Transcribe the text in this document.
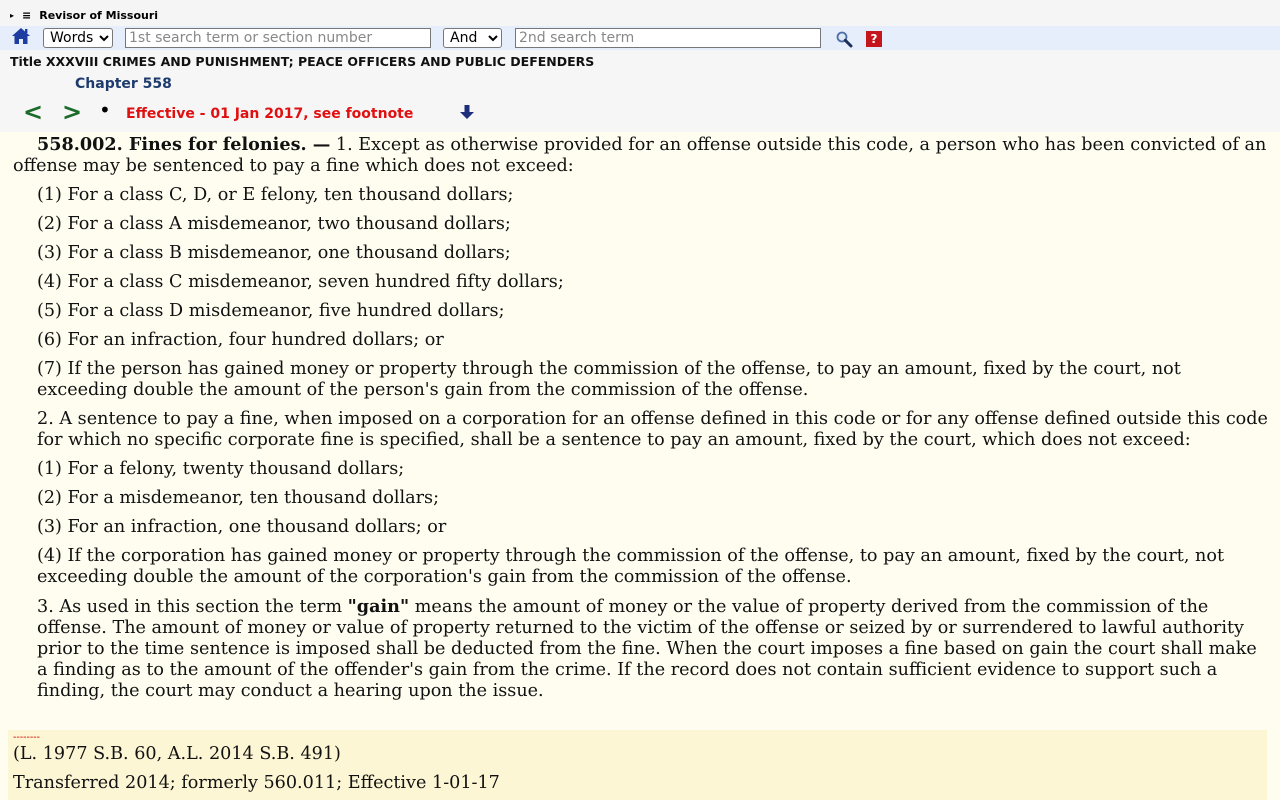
▸ ≡ Revisor of Missouri
Words
1st search term or section number
And
2nd search term
?
Title XXXVIII CRIMES AND PUNISHMENT; PEACE OFFICERS AND PUBLIC DEFENDERS
Chapter 558
< > • Effective - 01 Jan 2017, see footnote

558.002. Fines for felonies. — 1. Except as otherwise provided for an offense outside this code, a person who has been convicted of an offense may be sentenced to pay a fine which does not exceed:

(1) For a class C, D, or E felony, ten thousand dollars;

(2) For a class A misdemeanor, two thousand dollars;

(3) For a class B misdemeanor, one thousand dollars;

(4) For a class C misdemeanor, seven hundred fifty dollars;

(5) For a class D misdemeanor, five hundred dollars;

(6) For an infraction, four hundred dollars; or

(7) If the person has gained money or property through the commission of the offense, to pay an amount, fixed by the court, not exceeding double the amount of the person's gain from the commission of the offense.

2. A sentence to pay a fine, when imposed on a corporation for an offense defined in this code or for any offense defined outside this code for which no specific corporate fine is specified, shall be a sentence to pay an amount, fixed by the court, which does not exceed:

(1) For a felony, twenty thousand dollars;

(2) For a misdemeanor, ten thousand dollars;

(3) For an infraction, one thousand dollars; or

(4) If the corporation has gained money or property through the commission of the offense, to pay an amount, fixed by the court, not exceeding double the amount of the corporation's gain from the commission of the offense.

3. As used in this section the term "gain" means the amount of money or the value of property derived from the commission of the offense. The amount of money or value of property returned to the victim of the offense or seized by or surrendered to lawful authority prior to the time sentence is imposed shall be deducted from the fine. When the court imposes a fine based on gain the court shall make a finding as to the amount of the offender's gain from the crime. If the record does not contain sufficient evidence to support such a finding, the court may conduct a hearing upon the issue.

--------
(L. 1977 S.B. 60, A.L. 2014 S.B. 491)
Transferred 2014; formerly 560.011; Effective 1-01-17
